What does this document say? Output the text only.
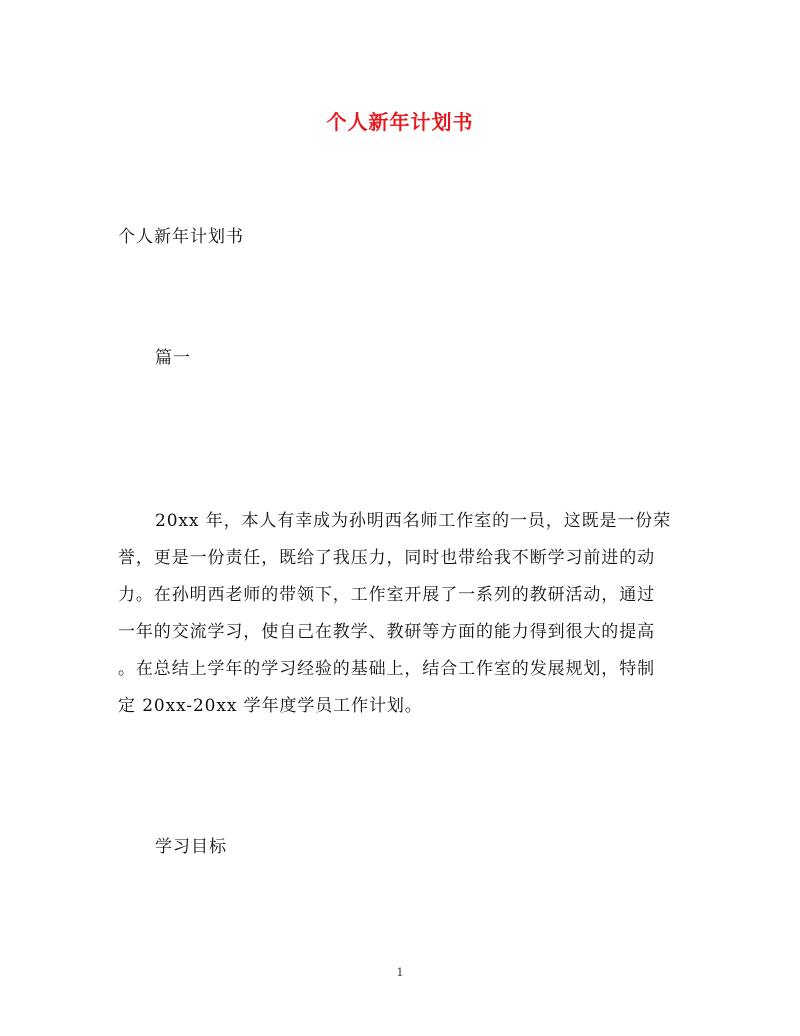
个人新年计划书
个人新年计划书
篇一
20xx 年，本人有幸成为孙明西名师工作室的一员，这既是一份荣
誉，更是一份责任，既给了我压力，同时也带给我不断学习前进的动
力。在孙明西老师的带领下，工作室开展了一系列的教研活动，通过
一年的交流学习，使自己在教学、教研等方面的能力得到很大的提高
。在总结上学年的学习经验的基础上，结合工作室的发展规划，特制
定 20xx-20xx 学年度学员工作计划。
学习目标
1
